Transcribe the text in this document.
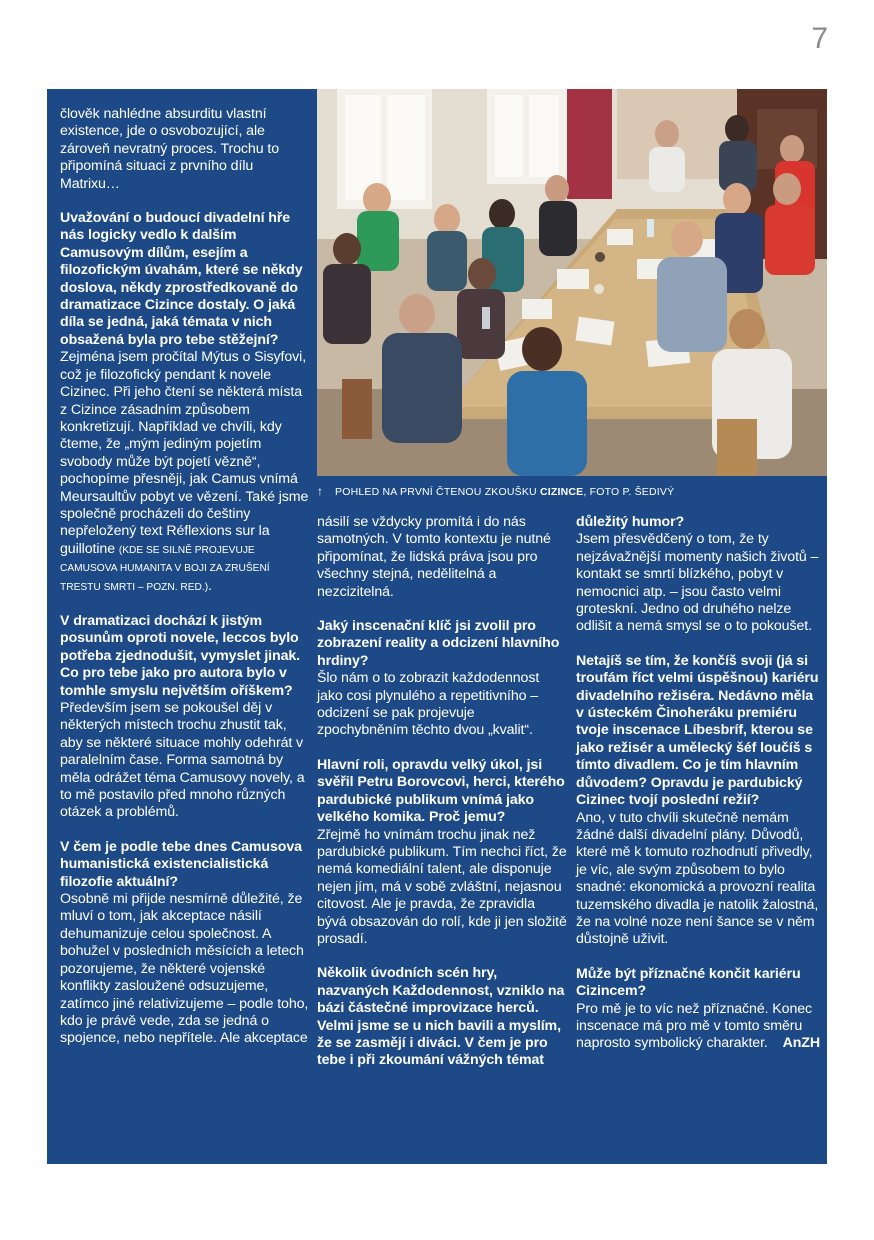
7
↑ POHLED NA PRVNÍ ČTENOU ZKOUŠKU CIZINCE, FOTO P. ŠEDIVÝ

člověk nahlédne absurditu vlastní existence, jde o osvobozující, ale zároveň nevratný proces. Trochu to připomíná situaci z prvního dílu Matrixu…

Uvažování o budoucí divadelní hře nás logicky vedlo k dalším Camusovým dílům, esejím a filozofickým úvahám, které se někdy doslova, někdy zprostředkovaně do dramatizace Cizince dostaly. O jaká díla se jedná, jaká témata v nich obsažená byla pro tebe stěžejní?

Zejména jsem pročítal Mýtus o Sisyfovi, což je filozofický pendant k novele Cizinec. Při jeho čtení se některá místa z Cizince zásadním způsobem konkretizují. Například ve chvíli, kdy čteme, že „mým jediným pojetím svobody může být pojetí vězně“, pochopíme přesněji, jak Camus vnímá Meursaultův pobyt ve vězení. Také jsme společně procházeli do češtiny nepřeložený text Réflexions sur la guillotine (KDE SE SILNĚ PROJEVUJE CAMUSOVA HUMANITA V BOJI ZA ZRUŠENÍ TRESTU SMRTI – POZN. RED.).

V dramatizaci dochází k jistým posunům oproti novele, leccos bylo potřeba zjednodušit, vymyslet jinak. Co pro tebe jako pro autora bylo v tomhle smyslu největším oříškem?

Především jsem se pokoušel děj v některých místech trochu zhustit tak, aby se některé situace mohly odehrát v paralelním čase. Forma samotná by měla odrážet téma Camusovy novely, a to mě postavilo před mnoho různých otázek a problémů.

V čem je podle tebe dnes Camusova humanistická existencialistická filozofie aktuální?

Osobně mi přijde nesmírně důležité, že mluví o tom, jak akceptace násilí dehumanizuje celou společnost. A bohužel v posledních měsících a letech pozorujeme, že některé vojenské konflikty zasloužené odsuzujeme, zatímco jiné relativizujeme – podle toho, kdo je právě vede, zda se jedná o spojence, nebo nepřítele. Ale akceptace

násilí se vždycky promítá i do nás samotných. V tomto kontextu je nutné připomínat, že lidská práva jsou pro všechny stejná, nedělitelná a nezcizitelná.

Jaký inscenační klíč jsi zvolil pro zobrazení reality a odcizení hlavního hrdiny?

Šlo nám o to zobrazit každodennost jako cosi plynulého a repetitivního – odcizení se pak projevuje zpochybněním těchto dvou „kvalit“.

Hlavní roli, opravdu velký úkol, jsi svěřil Petru Borovcovi, herci, kterého pardubické publikum vnímá jako velkého komika. Proč jemu?

Zřejmě ho vnímám trochu jinak než pardubické publikum. Tím nechci říct, že nemá komediální talent, ale disponuje nejen jím, má v sobě zvláštní, nejasnou citovost. Ale je pravda, že zpravidla bývá obsazován do rolí, kde ji jen složitě prosadí.

Několik úvodních scén hry, nazvaných Každodennost, vzniklo na bázi částečné improvizace herců. Velmi jsme se u nich bavili a myslím, že se zasmějí i diváci. V čem je pro tebe i při zkoumání vážných témat

důležitý humor?

Jsem přesvědčený o tom, že ty nejzávažnější momenty našich životů – kontakt se smrtí blízkého, pobyt v nemocnici atp. – jsou často velmi groteskní. Jedno od druhého nelze odlišit a nemá smysl se o to pokoušet.

Netajíš se tím, že končíš svoji (já si troufám říct velmi úspěšnou) kariéru divadelního režiséra. Nedávno měla v ústeckém Činoheráku premiéru tvoje inscenace Líbesbríf, kterou se jako režisér a umělecký šéf loučíš s tímto divadlem. Co je tím hlavním důvodem? Opravdu je pardubický Cizinec tvojí poslední režií?

Ano, v tuto chvíli skutečně nemám žádné další divadelní plány. Důvodů, které mě k tomuto rozhodnutí přivedly, je víc, ale svým způsobem to bylo snadné: ekonomická a provozní realita tuzemského divadla je natolik žalostná, že na volné noze není šance se v něm důstojně uživit.

Může být příznačné končit kariéru Cizincem?

Pro mě je to víc než příznačné. Konec inscenace má pro mě v tomto směru naprosto symbolický charakter. AnZH
